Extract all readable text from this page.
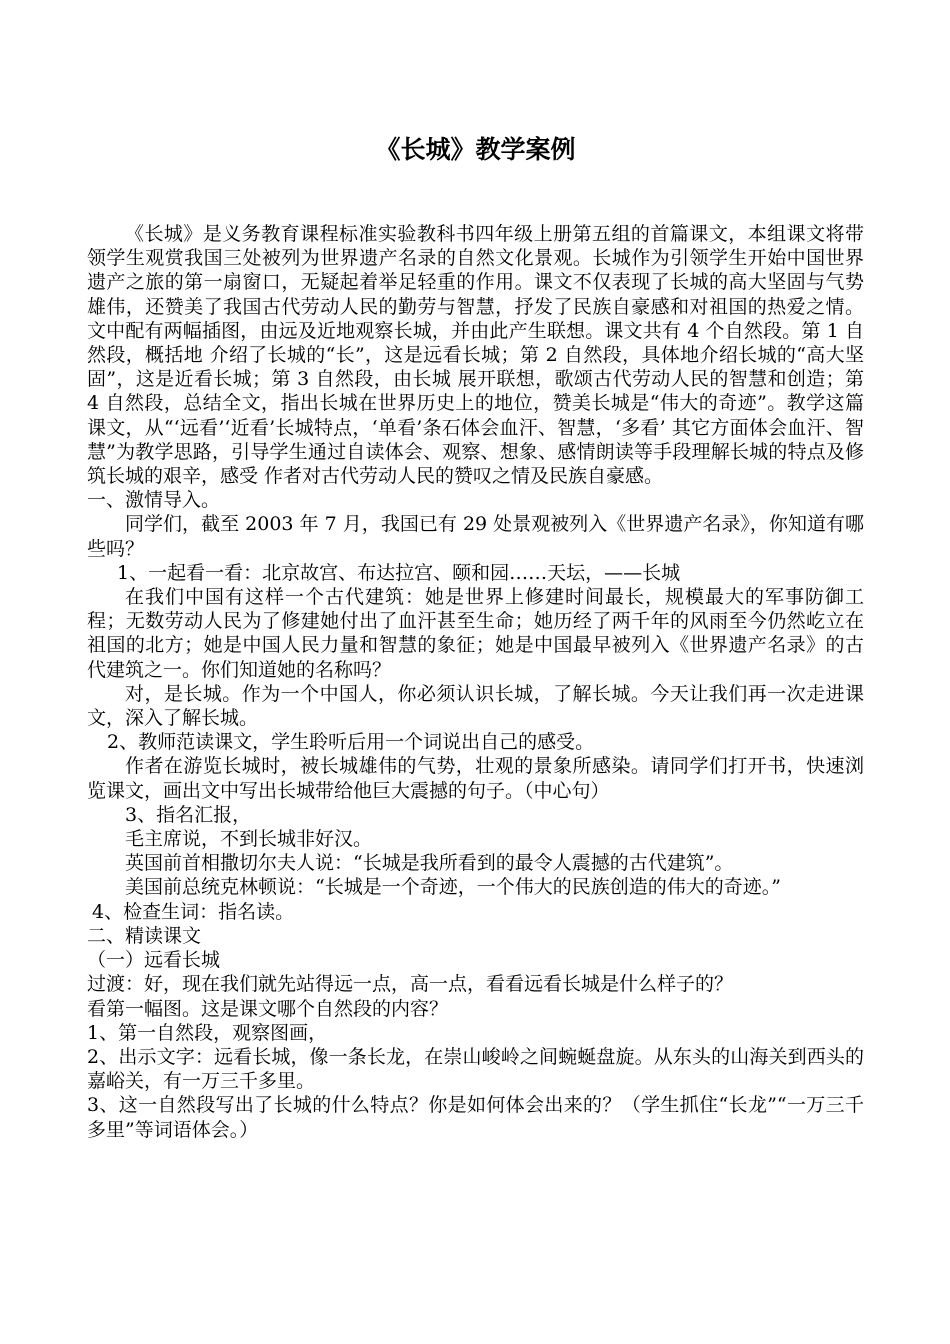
《长城》教学案例

《长城》是义务教育课程标准实验教科书四年级上册第五组的首篇课文，本组课文将带领学生观赏我国三处被列为世界遗产名录的自然文化景观。长城作为引领学生开始中国世界遗产之旅的第一扇窗口，无疑起着举足轻重的作用。课文不仅表现了长城的高大坚固与气势雄伟，还赞美了我国古代劳动人民的勤劳与智慧，抒发了民族自豪感和对祖国的热爱之情。文中配有两幅插图，由远及近地观察长城，并由此产生联想。课文共有 4 个自然段。第 1 自然段，概括地 介绍了长城的“长”，这是远看长城；第 2 自然段，具体地介绍长城的“高大坚固”，这是近看长城；第 3 自然段，由长城 展开联想，歌颂古代劳动人民的智慧和创造；第 4 自然段，总结全文，指出长城在世界历史上的地位，赞美长城是“伟大的奇迹”。教学这篇课文，从“‘远看’‘近看’长城特点，‘单看’条石体会血汗、智慧，‘多看’ 其它方面体会血汗、智慧”为教学思路，引导学生通过自读体会、观察、想象、感情朗读等手段理解长城的特点及修筑长城的艰辛，感受 作者对古代劳动人民的赞叹之情及民族自豪感。

一、激情导入。

同学们，截至 2003 年 7 月，我国已有 29 处景观被列入《世界遗产名录》，你知道有哪些吗？

1、一起看一看：北京故宫、布达拉宫、颐和园……天坛，——长城

在我们中国有这样一个古代建筑：她是世界上修建时间最长，规模最大的军事防御工程；无数劳动人民为了修建她付出了血汗甚至生命；她历经了两千年的风雨至今仍然屹立在祖国的北方；她是中国人民力量和智慧的象征；她是中国最早被列入《世界遗产名录》的古代建筑之一。你们知道她的名称吗？

对，是长城。作为一个中国人，你必须认识长城，了解长城。今天让我们再一次走进课文，深入了解长城。

2、教师范读课文，学生聆听后用一个词说出自己的感受。

作者在游览长城时，被长城雄伟的气势，壮观的景象所感染。请同学们打开书，快速浏览课文，画出文中写出长城带给他巨大震撼的句子。（中心句）

3、指名汇报，

毛主席说，不到长城非好汉。

英国前首相撒切尔夫人说：“长城是我所看到的最令人震撼的古代建筑”。

美国前总统克林顿说：“长城是一个奇迹，一个伟大的民族创造的伟大的奇迹。”

4、检查生词：指名读。

二、精读课文

（一）远看长城

过渡：好，现在我们就先站得远一点，高一点，看看远看长城是什么样子的？

看第一幅图。这是课文哪个自然段的内容？

1、第一自然段，观察图画，

2、出示文字：远看长城，像一条长龙，在崇山峻岭之间蜿蜒盘旋。从东头的山海关到西头的嘉峪关，有一万三千多里。

3、这一自然段写出了长城的什么特点？你是如何体会出来的？（学生抓住“长龙”“一万三千多里”等词语体会。）
